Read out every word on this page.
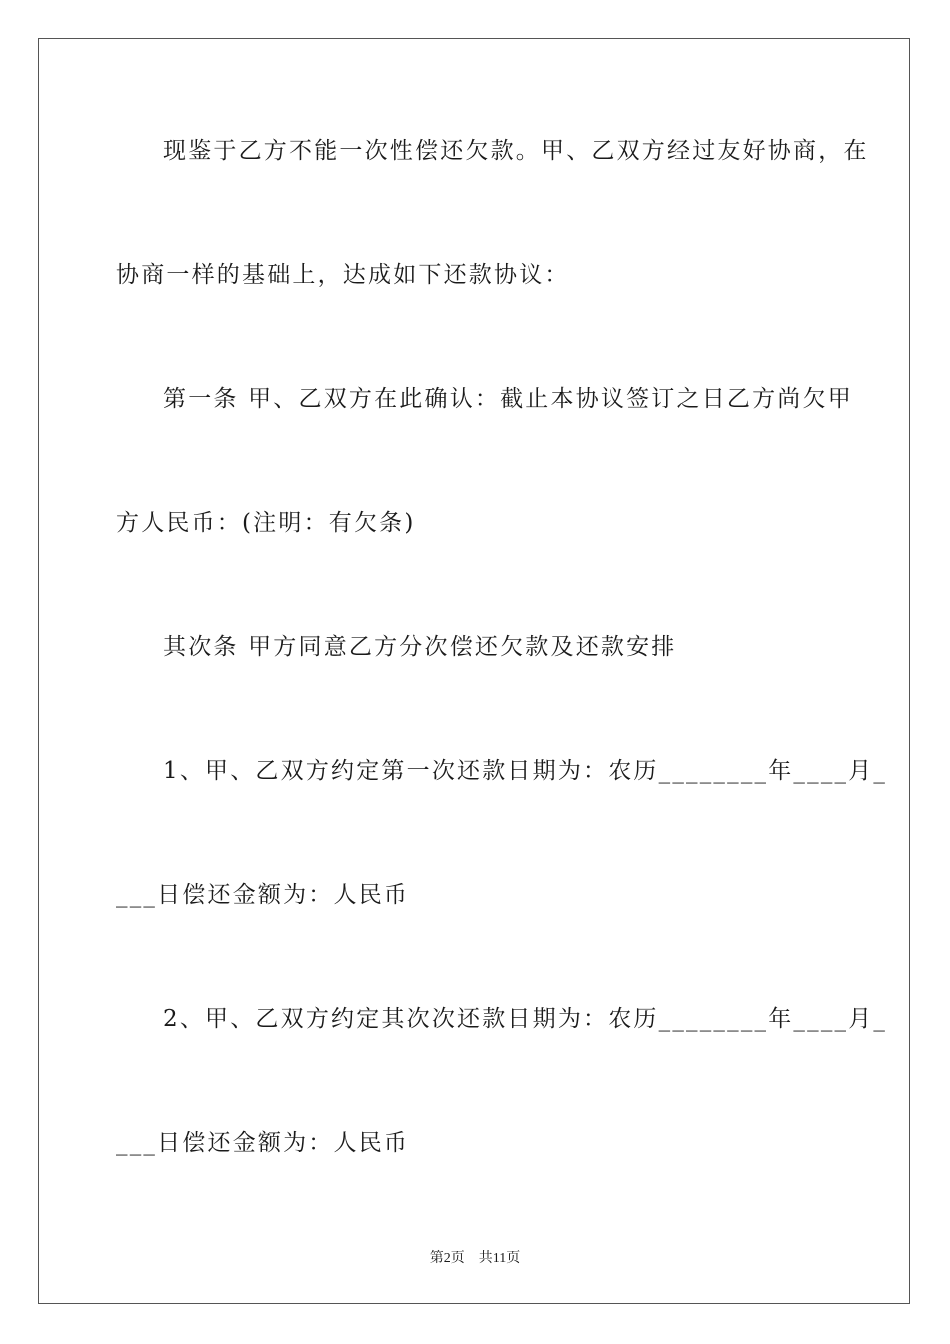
现鉴于乙方不能一次性偿还欠款。甲、乙双方经过友好协商，在
协商一样的基础上，达成如下还款协议：
第一条 甲、乙双方在此确认：截止本协议签订之日乙方尚欠甲
方人民币：(注明：有欠条)
其次条 甲方同意乙方分次偿还欠款及还款安排
1、甲、乙双方约定第一次还款日期为：农历________年____月_
___日偿还金额为：人民币
2、甲、乙双方约定其次次还款日期为：农历________年____月_
___日偿还金额为：人民币
第2页　共11页
